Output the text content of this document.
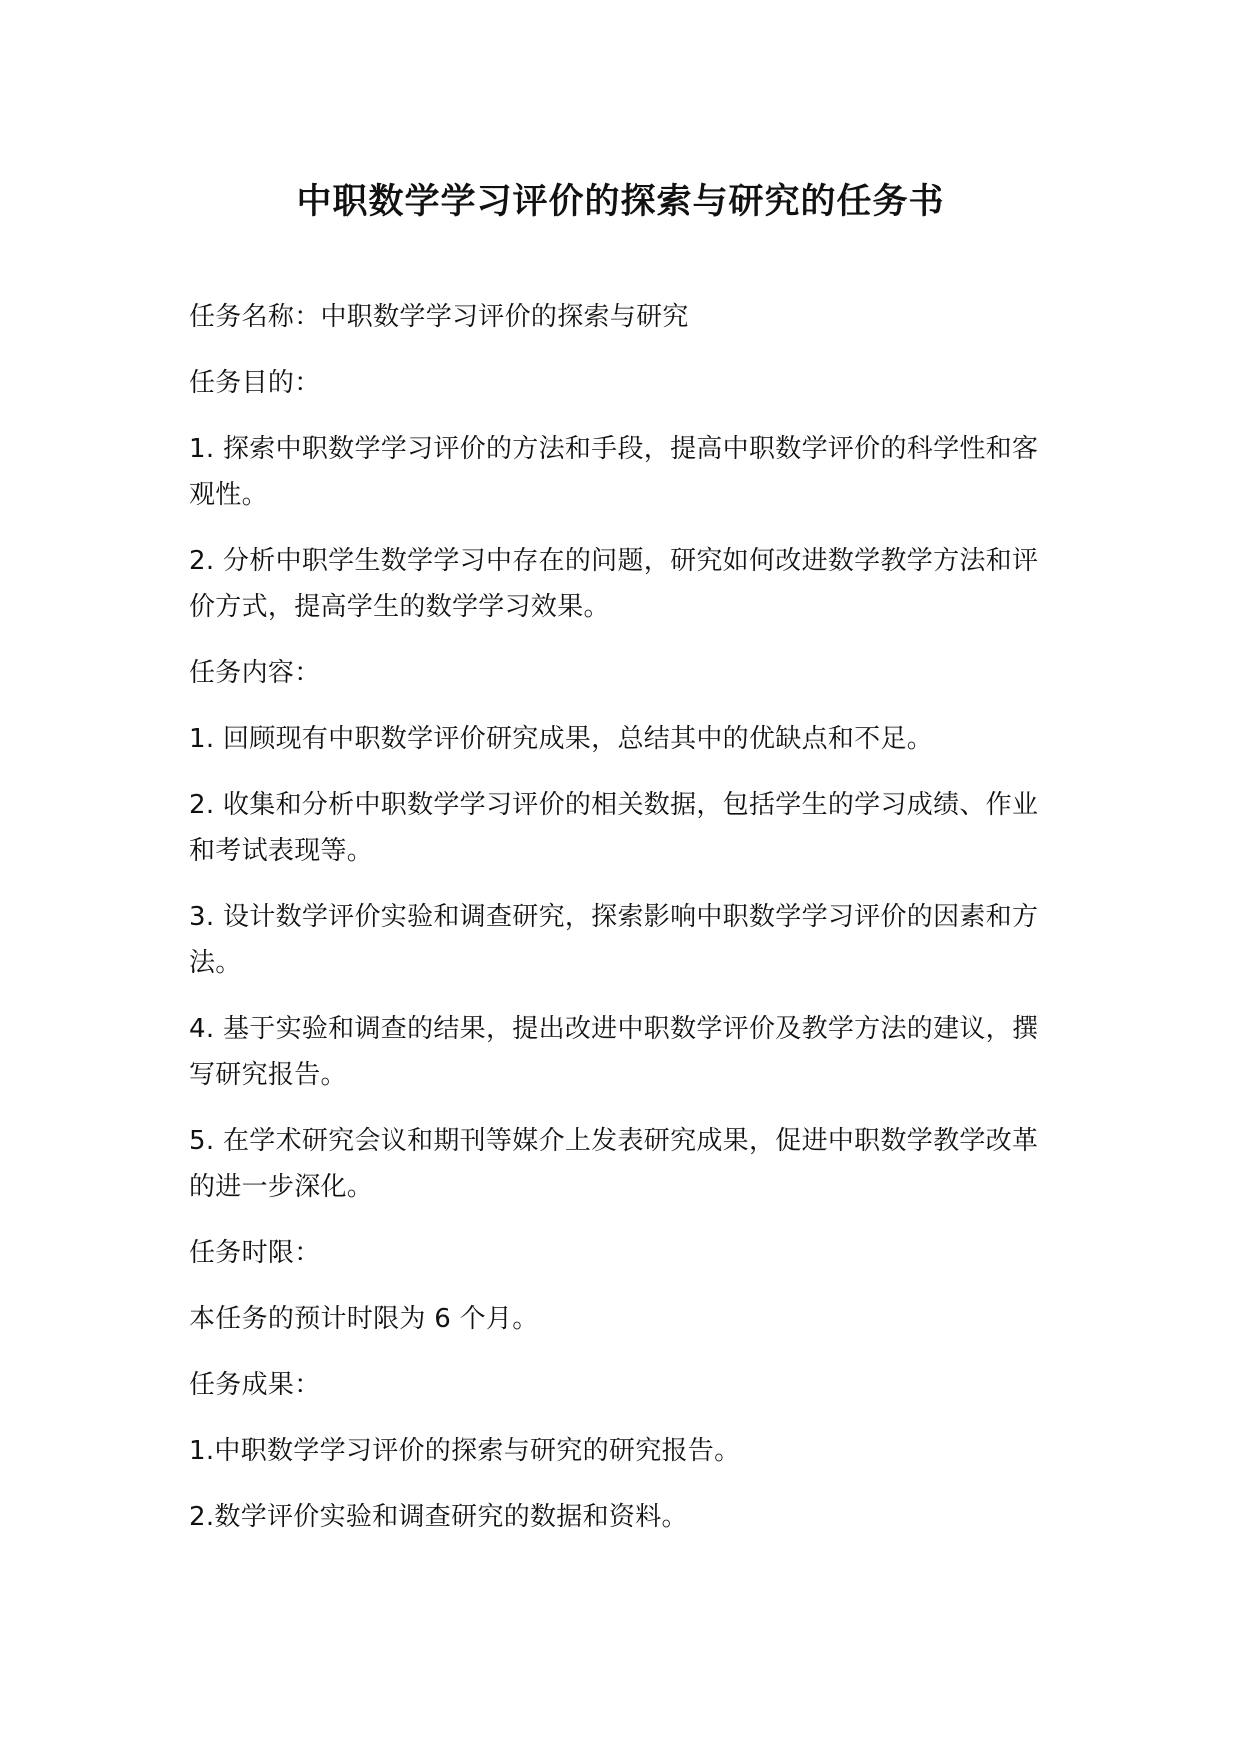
中职数学学习评价的探索与研究的任务书

任务名称：中职数学学习评价的探索与研究

任务目的：

1. 探索中职数学学习评价的方法和手段，提高中职数学评价的科学性和客观性。

2. 分析中职学生数学学习中存在的问题，研究如何改进数学教学方法和评价方式，提高学生的数学学习效果。

任务内容：

1. 回顾现有中职数学评价研究成果，总结其中的优缺点和不足。

2. 收集和分析中职数学学习评价的相关数据，包括学生的学习成绩、作业和考试表现等。

3. 设计数学评价实验和调查研究，探索影响中职数学学习评价的因素和方法。

4. 基于实验和调查的结果，提出改进中职数学评价及教学方法的建议，撰写研究报告。

5. 在学术研究会议和期刊等媒介上发表研究成果，促进中职数学教学改革的进一步深化。

任务时限：

本任务的预计时限为 6 个月。

任务成果：

1.中职数学学习评价的探索与研究的研究报告。

2.数学评价实验和调查研究的数据和资料。
